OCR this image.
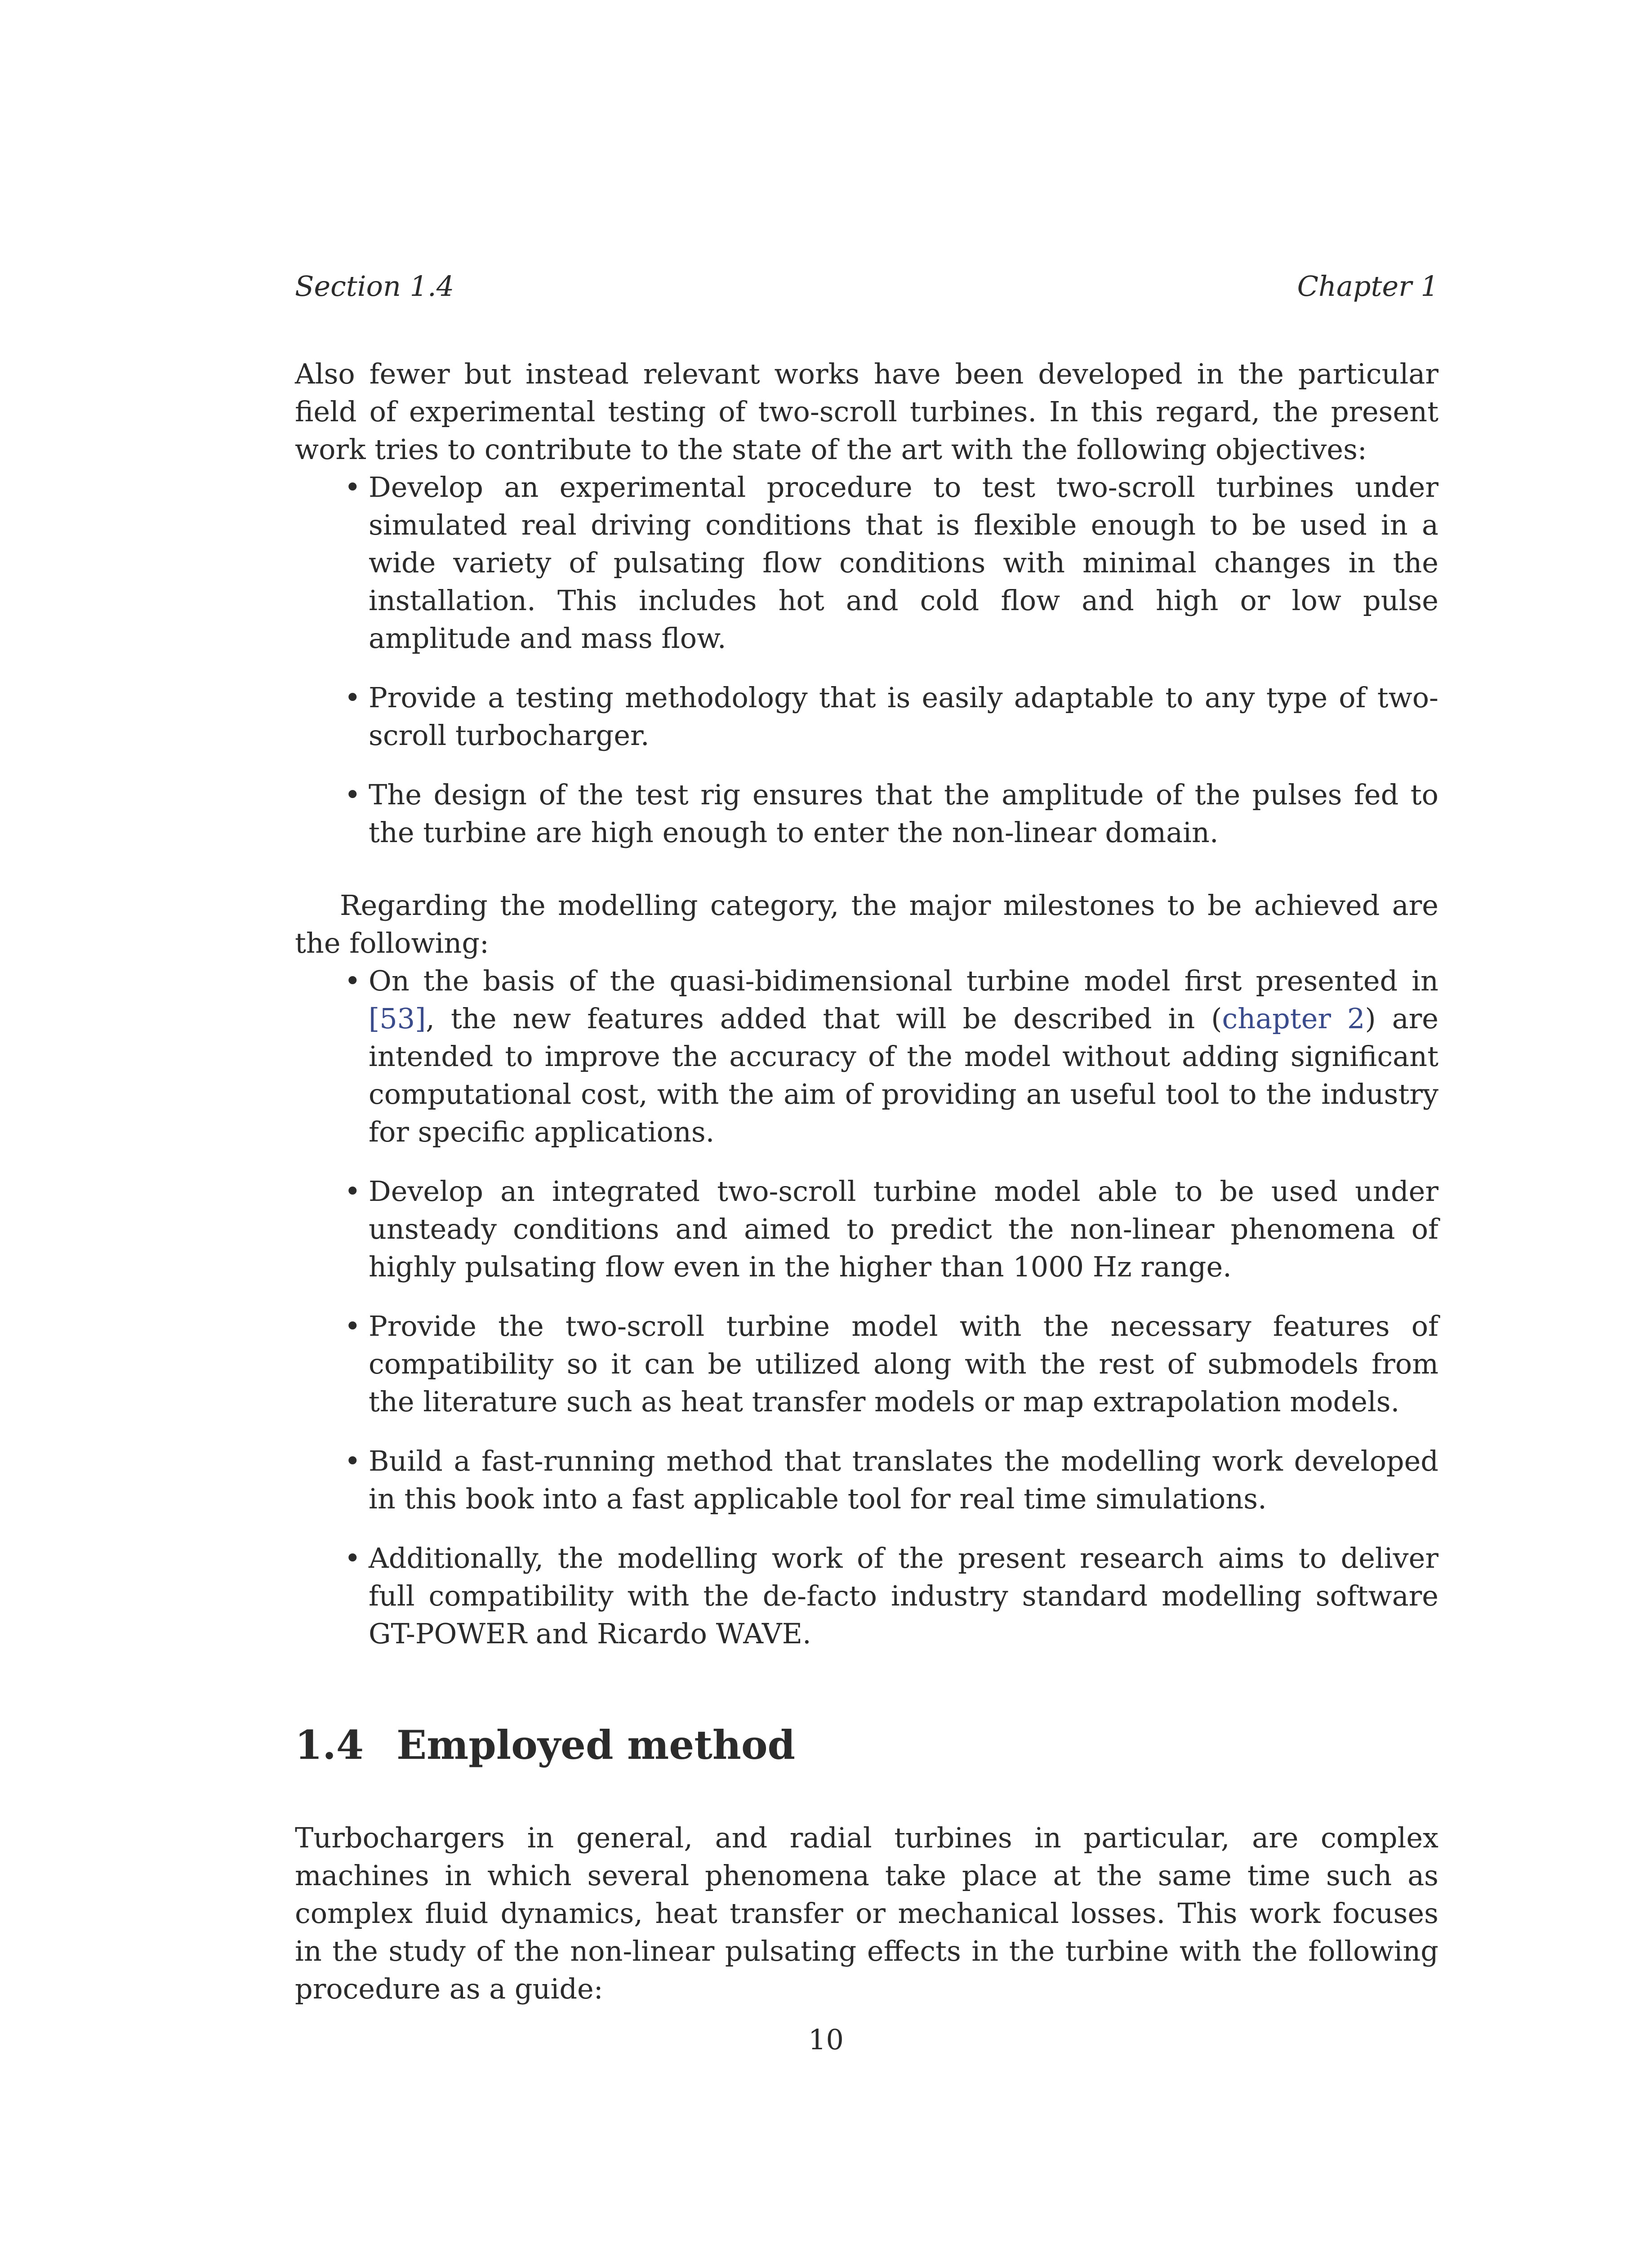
Section 1.4	Chapter 1

Also fewer but instead relevant works have been developed in the particular field of experimental testing of two-scroll turbines. In this regard, the present work tries to contribute to the state of the art with the following objectives:

• Develop an experimental procedure to test two-scroll turbines under simulated real driving conditions that is flexible enough to be used in a wide variety of pulsating flow conditions with minimal changes in the installation. This includes hot and cold flow and high or low pulse amplitude and mass flow.
• Provide a testing methodology that is easily adaptable to any type of two-scroll turbocharger.
• The design of the test rig ensures that the amplitude of the pulses fed to the turbine are high enough to enter the non-linear domain.

Regarding the modelling category, the major milestones to be achieved are the following:

• On the basis of the quasi-bidimensional turbine model first presented in [53], the new features added that will be described in (chapter 2) are intended to improve the accuracy of the model without adding significant computational cost, with the aim of providing an useful tool to the industry for specific applications.
• Develop an integrated two-scroll turbine model able to be used under unsteady conditions and aimed to predict the non-linear phenomena of highly pulsating flow even in the higher than 1000 Hz range.
• Provide the two-scroll turbine model with the necessary features of compatibility so it can be utilized along with the rest of submodels from the literature such as heat transfer models or map extrapolation models.
• Build a fast-running method that translates the modelling work developed in this book into a fast applicable tool for real time simulations.
• Additionally, the modelling work of the present research aims to deliver full compatibility with the de-facto industry standard modelling software GT-POWER and Ricardo WAVE.
1.4 Employed method

Turbochargers in general, and radial turbines in particular, are complex machines in which several phenomena take place at the same time such as complex fluid dynamics, heat transfer or mechanical losses. This work focuses in the study of the non-linear pulsating effects in the turbine with the following procedure as a guide:

10
